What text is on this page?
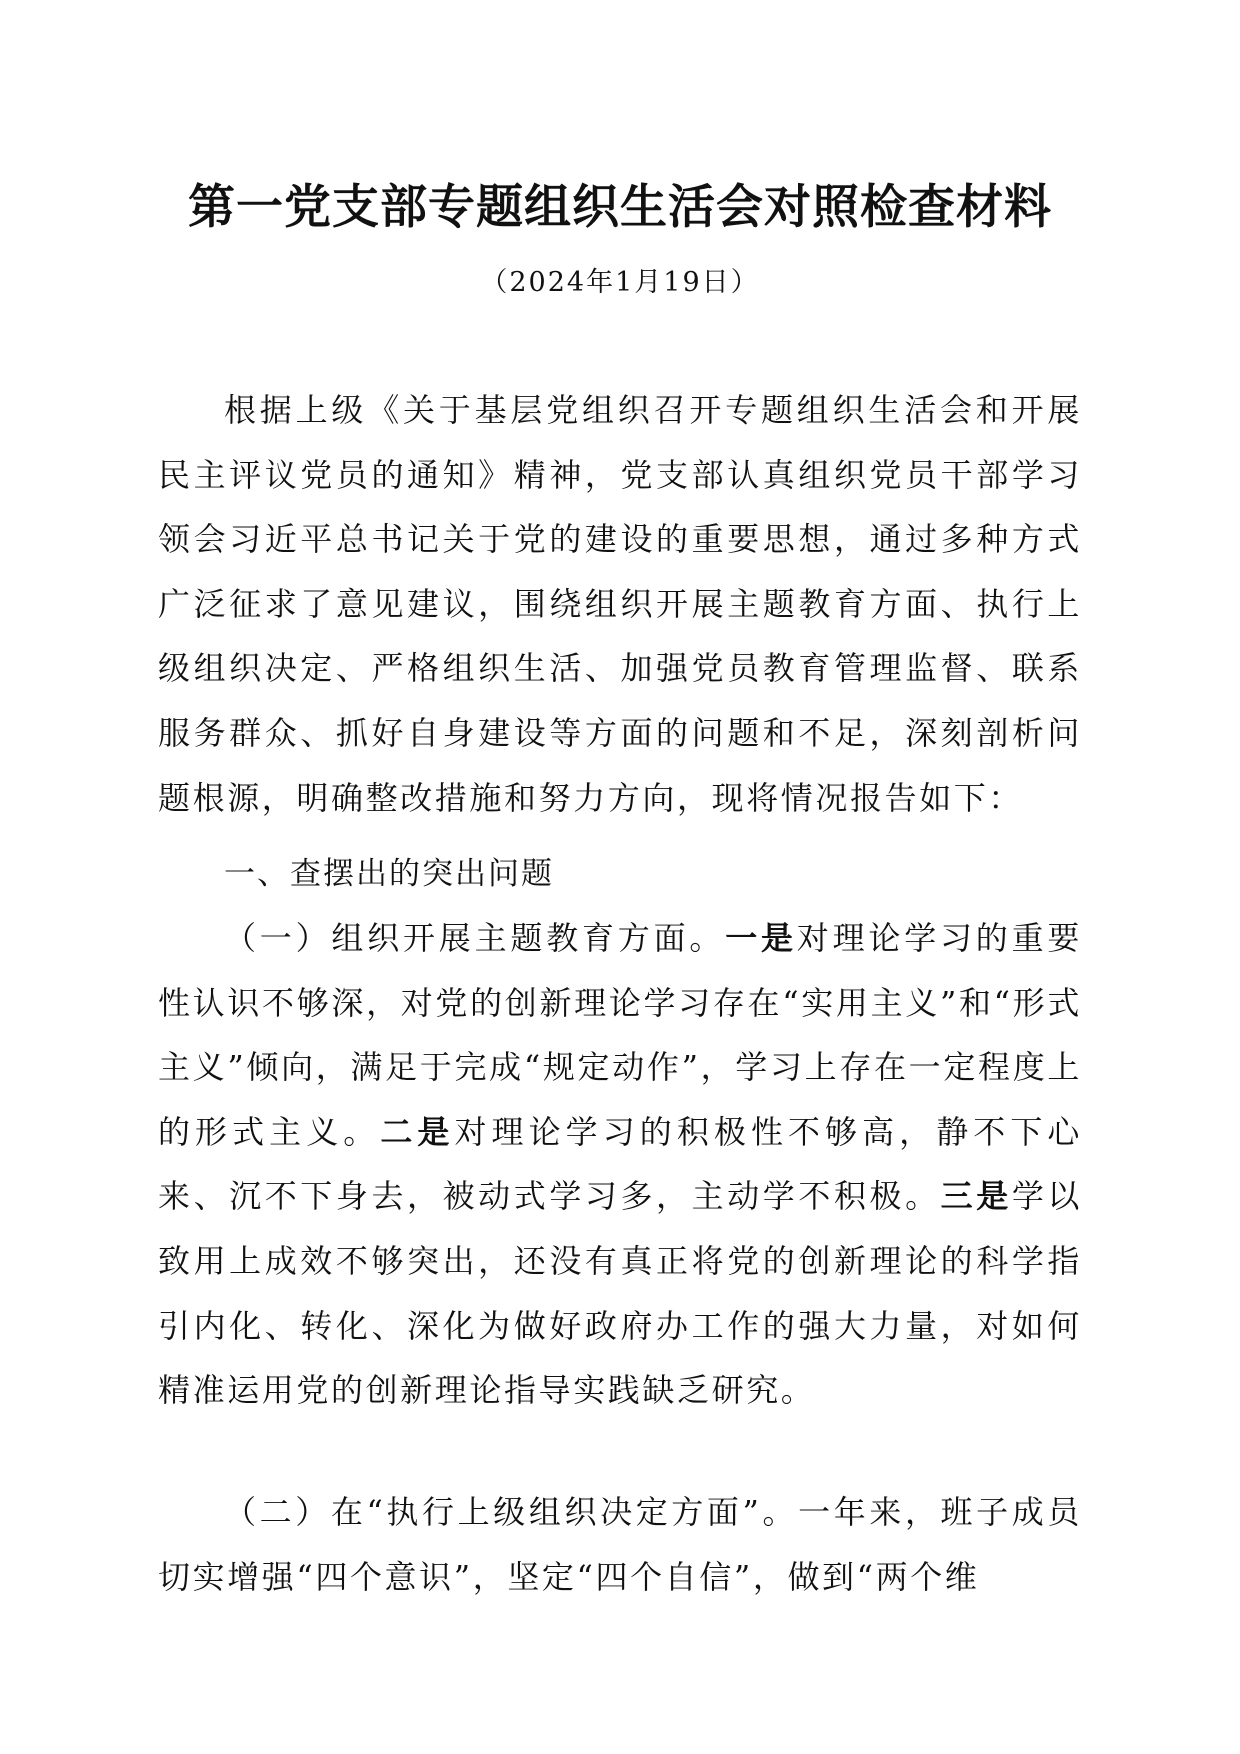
第一党支部专题组织生活会对照检查材料

（2024年1月19日）

根据上级《关于基层党组织召开专题组织生活会和开展民主评议党员的通知》精神，党支部认真组织党员干部学习领会习近平总书记关于党的建设的重要思想，通过多种方式广泛征求了意见建议，围绕组织开展主题教育方面、执行上级组织决定、严格组织生活、加强党员教育管理监督、联系服务群众、抓好自身建设等方面的问题和不足，深刻剖析问题根源，明确整改措施和努力方向，现将情况报告如下：

一、查摆出的突出问题

（一）组织开展主题教育方面。一是对理论学习的重要性认识不够深，对党的创新理论学习存在“实用主义”和“形式主义”倾向，满足于完成“规定动作”，学习上存在一定程度上的形式主义。二是对理论学习的积极性不够高，静不下心来、沉不下身去，被动式学习多，主动学不积极。三是学以致用上成效不够突出，还没有真正将党的创新理论的科学指引内化、转化、深化为做好政府办工作的强大力量，对如何精准运用党的创新理论指导实践缺乏研究。

（二）在“执行上级组织决定方面”。一年来，班子成员切实增强“四个意识”，坚定“四个自信”，做到“两个维
